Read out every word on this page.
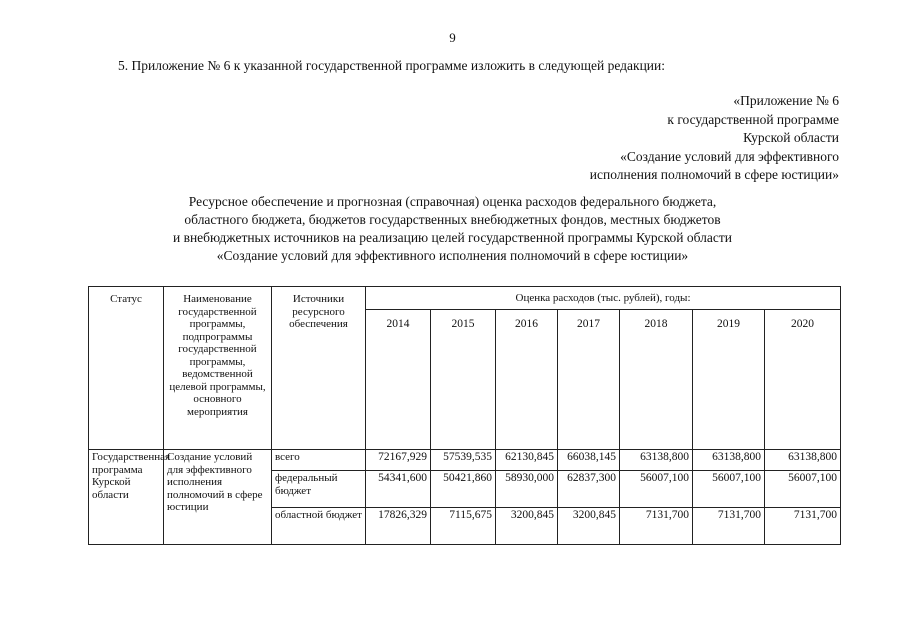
9
5. Приложение № 6 к указанной государственной программе изложить в следующей редакции:
«Приложение № 6
к государственной программе
Курской области
«Создание условий для эффективного
исполнения полномочий в сфере юстиции»
Ресурсное обеспечение и прогнозная (справочная) оценка расходов федерального бюджета,
областного бюджета, бюджетов государственных внебюджетных фондов, местных бюджетов
и внебюджетных источников на реализацию целей государственной программы Курской области
«Создание условий для эффективного исполнения полномочий в сфере юстиции»
Статус	Наименование государственной программы, подпрограммы государственной программы, ведомственной целевой программы, основного мероприятия	Источники ресурсного обеспечения	Оценка расходов (тыс. рублей), годы:						
			2014	2015	2016	2017	2018	2019	2020
Государственная программа Курской области	Создание условий для эффективного исполнения полномочий в сфере юстиции	всего	72167,929	57539,535	62130,845	66038,145	63138,800	63138,800	63138,800
		федеральный бюджет	54341,600	50421,860	58930,000	62837,300	56007,100	56007,100	56007,100
		областной бюджет	17826,329	7115,675	3200,845	3200,845	7131,700	7131,700	7131,700
